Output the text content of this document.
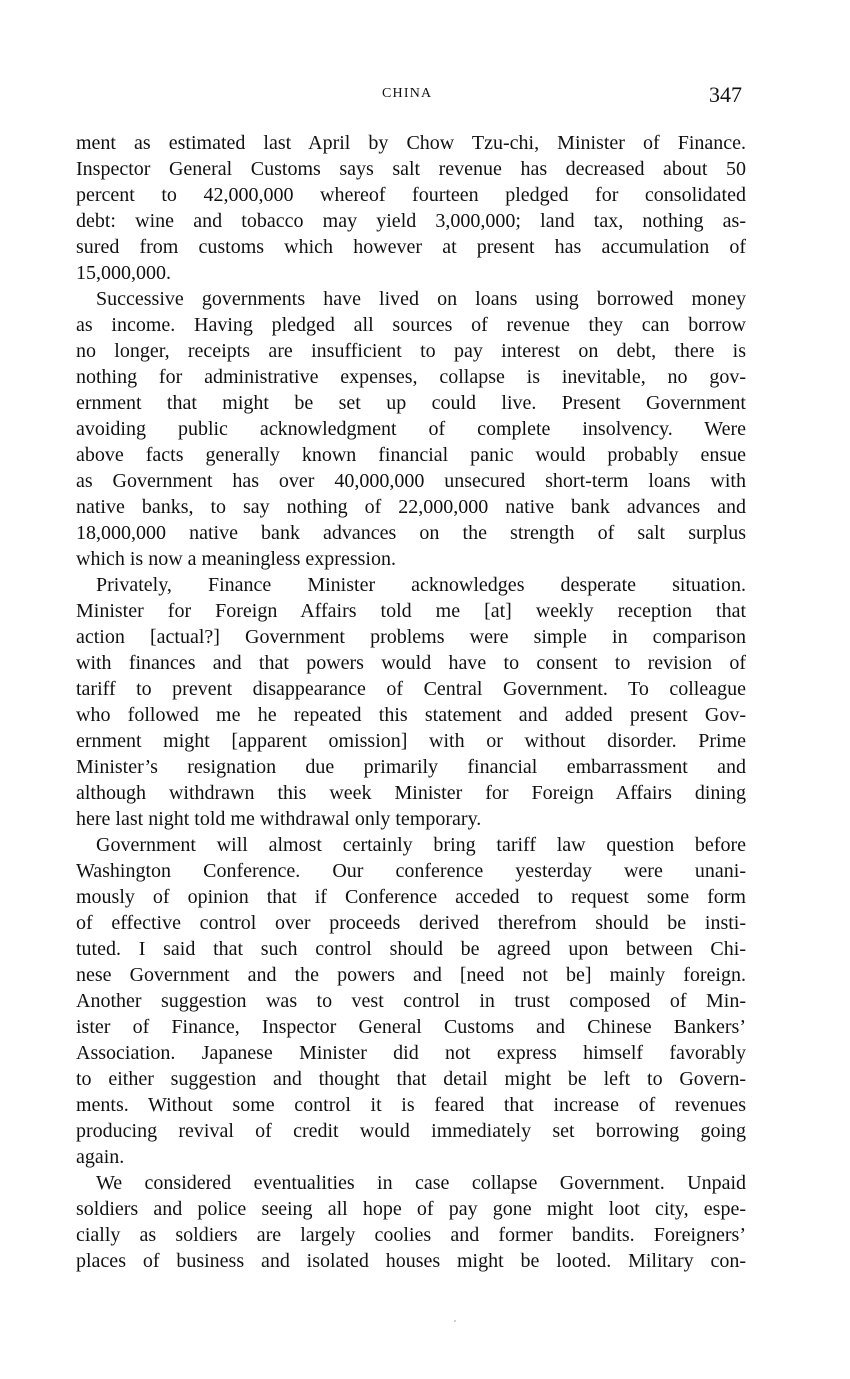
CHINA	347
ment as estimated last April by Chow Tzu-chi, Minister of Finance.
Inspector General Customs says salt revenue has decreased about 50
percent to 42,000,000 whereof fourteen pledged for consolidated
debt: wine and tobacco may yield 3,000,000; land tax, nothing as-
sured from customs which however at present has accumulation of
15,000,000.
Successive governments have lived on loans using borrowed money
as income. Having pledged all sources of revenue they can borrow
no longer, receipts are insufficient to pay interest on debt, there is
nothing for administrative expenses, collapse is inevitable, no gov-
ernment that might be set up could live. Present Government
avoiding public acknowledgment of complete insolvency. Were
above facts generally known financial panic would probably ensue
as Government has over 40,000,000 unsecured short-term loans with
native banks, to say nothing of 22,000,000 native bank advances and
18,000,000 native bank advances on the strength of salt surplus
which is now a meaningless expression.
Privately, Finance Minister acknowledges desperate situation.
Minister for Foreign Affairs told me [at] weekly reception that
action [actual?] Government problems were simple in comparison
with finances and that powers would have to consent to revision of
tariff to prevent disappearance of Central Government. To colleague
who followed me he repeated this statement and added present Gov-
ernment might [apparent omission] with or without disorder. Prime
Minister’s resignation due primarily financial embarrassment and
although withdrawn this week Minister for Foreign Affairs dining
here last night told me withdrawal only temporary.
Government will almost certainly bring tariff law question before
Washington Conference. Our conference yesterday were unani-
mously of opinion that if Conference acceded to request some form
of effective control over proceeds derived therefrom should be insti-
tuted. I said that such control should be agreed upon between Chi-
nese Government and the powers and [need not be] mainly foreign.
Another suggestion was to vest control in trust composed of Min-
ister of Finance, Inspector General Customs and Chinese Bankers’
Association. Japanese Minister did not express himself favorably
to either suggestion and thought that detail might be left to Govern-
ments. Without some control it is feared that increase of revenues
producing revival of credit would immediately set borrowing going
again.
We considered eventualities in case collapse Government. Unpaid
soldiers and police seeing all hope of pay gone might loot city, espe-
cially as soldiers are largely coolies and former bandits. Foreigners’
places of business and isolated houses might be looted. Military con-
